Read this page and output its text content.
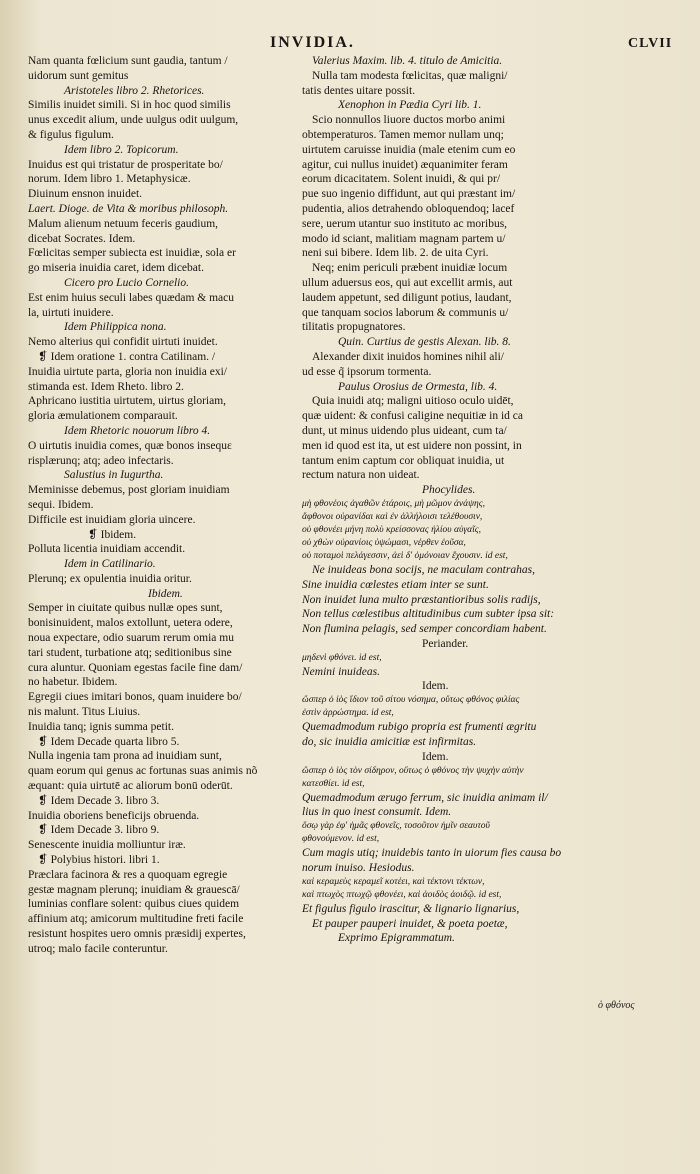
INVIDIA.	CLVII
Nam quanta fœlicium sunt gaudia, tantum /
uidorum sunt gemitus
Aristoteles libro 2. Rhetorices.
Similis inuidet simili. Si in hoc quod similis
unus excedit alium, unde uulgus odit uulgum,
& figulus figulum.
Idem libro 2. Topicorum.
Inuidus est qui tristatur de prosperitate bo/
norum. Idem libro 1. Metaphysicæ.
Diuinum ensnon inuidet.
Laert. Dioge. de Vita & moribus philosoph.
Malum alienum netuum feceris gaudium,
dicebat Socrates. Idem.
Fœlicitas semper subiecta est inuidiæ, sola er
go miseria inuidia caret, idem dicebat.
Cicero pro Lucio Cornelio.
Est enim huius seculi labes quædam & macu
la, uirtuti inuidere.
Idem Philippica nona.
Nemo alterius qui confidit uirtuti inuidet.
❡ Idem oratione 1. contra Catilinam. /
Inuidia uirtute parta, gloria non inuidia exi/
stimanda est. Idem Rheto. libro 2.
Aphricano iustitia uirtutem, uirtus gloriam,
gloria æmulationem comparauit.
Idem Rhetoric nouorum libro 4.
O uirtutis inuidia comes, quæ bonos insequε
risplærunq; atq; adeo infectaris.
Salustius in Iugurtha.
Meminisse debemus, post gloriam inuidiam
sequi. Ibidem.
Difficile est inuidiam gloria uincere.
❡ Ibidem.
Polluta licentia inuidiam accendit.
Idem in Catilinario.
Plerunq; ex opulentia inuidia oritur.
Ibidem.
Semper in ciuitate quibus nullæ opes sunt,
bonisinuident, malos extollunt, uetera odere,
noua expectare, odio suarum rerum omia mu
tari student, turbatione atq; seditionibus sine
cura aluntur. Quoniam egestas facile fine dam/
no habetur. Ibidem.
Egregii ciues imitari bonos, quam inuidere bo/
nis malunt. Titus Liuius.
Inuidia tanq; ignis summa petit.
❡ Idem Decade quarta libro 5.
Nulla ingenia tam prona ad inuidiam sunt,
quam eorum qui genus ac fortunas suas animis nõ
æquant: quia uirtutē ac aliorum bonū oderūt.
❡ Idem Decade 3. libro 3.
Inuidia oboriens beneficijs obruenda.
❡ Idem Decade 3. libro 9.
Senescente inuidia molliuntur iræ.
❡ Polybius histori. libri 1.
Præclara facinora & res a quoquam egregie
gestæ magnam plerunq; inuidiam & grauescā/
luminias conflare solent: quibus ciues quidem
affinium atq; amicorum multitudine freti facile
resistunt hospites uero omnis præsidij expertes,
utroq; malo facile conteruntur.
Valerius Maxim. lib. 4. titulo de Amicitia.
Nulla tam modesta fœlicitas, quæ maligni/
tatis dentes uitare possit.
Xenophon in Pædia Cyri lib. 1.
Scio nonnullos liuore ductos morbo animi
obtemperaturos. Tamen memor nullam unq;
uirtutem caruisse inuidia (male etenim cum eo
agitur, cui nullus inuidet) æquanimiter feram
eorum dicacitatem. Solent inuidi, & qui pr/
pue suo ingenio diffidunt, aut qui præstant im/
pudentia, alios detrahendo obloquendoq; lacef
sere, uerum utantur suo instituto ac moribus,
modo id sciant, malitiam magnam partem u/
neni sui bibere. Idem lib. 2. de uita Cyri.
Neq; enim periculi præbent inuidiæ locum
ullum aduersus eos, qui aut excellit armis, aut
laudem appetunt, sed diligunt potius, laudant,
que tanquam socios laborum & communis u/
tilitatis propugnatores.
Quin. Curtius de gestis Alexan. lib. 8.
Alexander dixit inuidos homines nihil ali/
ud esse q̃ ipsorum tormenta.
Paulus Orosius de Ormesta, lib. 4.
Quia inuidi atq; maligni uitioso oculo uidēt,
quæ uident: & confusi caligine nequitiæ in id ca
dunt, ut minus uidendo plus uideant, cum ta/
men id quod est ita, ut est uidere non possint, in
tantum enim captum cor obliquat inuidia, ut
rectum natura non uideat.
Phocylides.
μὴ φθονέοις ἀγαθῶν ἑτάροις, μὴ μῶμον ἀνάψης,
ἄφθονοι οὐρανίδαι καὶ ἐν ἀλλήλοισι τελέθουσιν,
οὐ φθονέει μήνη πολὺ κρείσσονας ἡλίου αὐγαῖς,
οὐ χθὼν οὐρανίοις ὑψώμασι, νέρθεν ἐοῦσα,
οὐ ποταμοὶ πελάγεσσιν, ἀεὶ δ' ὁμόνοιαν ἔχουσιν. id est,
Ne inuideas bona socijs, ne maculam contrahas,
Sine inuidia cœlestes etiam inter se sunt.
Non inuidet luna multo præstantioribus solis radijs,
Non tellus cœlestibus altitudinibus cum subter ipsa sit:
Non flumina pelagis, sed semper concordiam habent.
Periander.
μηδενὶ φθόνει. id est,
Nemini inuideas.
Idem.
ὥσπερ ὁ ἰὸς ἴδιον τοῦ σίτου νόσημα, οὕτως φθόνος φιλίας
ἐστὶν ἀρρώστημα. id est,
Quemadmodum rubigo propria est frumenti ægritu
do, sic inuidia amicitiæ est infirmitas.
Idem.
ὥσπερ ὁ ἰὸς τὸν σίδηρον, οὕτως ὁ φθόνος τὴν ψυχὴν αὐτὴν
κατεσθίει. id est,
Quemadmodum ærugo ferrum, sic inuidia animam il/
lius in quo inest consumit. Idem.
ὅσῳ γὰρ ἐφ' ἡμᾶς φθονεῖς, τοσοῦτον ἡμῖν σεαυτοῦ
φθονούμενον. id est,
Cum magis utiq; inuidebis tanto in uiorum fies causa bo
norum inuiso. Hesiodus.
καὶ κεραμεὺς κεραμεῖ κοτέει, καὶ τέκτονι τέκτων,
καὶ πτωχὸς πτωχῷ φθονέει, καὶ ἀοιδὸς ἀοιδῷ. id est,
Et figulus figulo irascitur, & lignario lignarius,
Et pauper pauperi inuidet, & poeta poetæ,
Exprimo Epigrammatum.
ὁ φθόνος
